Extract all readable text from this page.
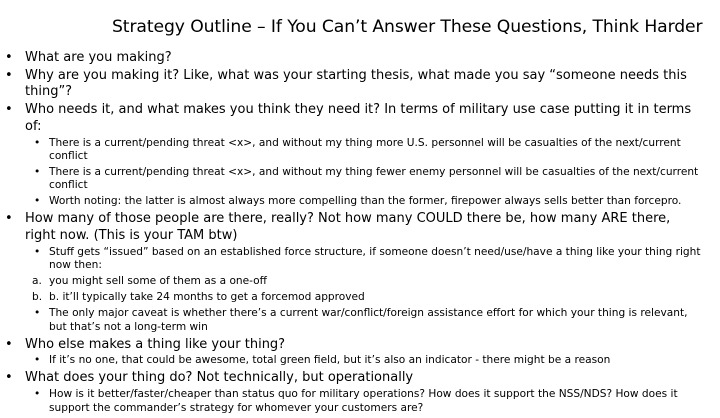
Strategy Outline – If You Can’t Answer These Questions, Think Harder
• What are you making?
• Why are you making it? Like, what was your starting thesis, what made you say “someone needs this thing”?
• Who needs it, and what makes you think they need it? In terms of military use case putting it in terms of:
• There is a current/pending threat <x>, and without my thing more U.S. personnel will be casualties of the next/current conflict
• There is a current/pending threat <x>, and without my thing fewer enemy personnel will be casualties of the next/current conflict
• Worth noting: the latter is almost always more compelling than the former, firepower always sells better than forcepro.
• How many of those people are there, really? Not how many COULD there be, how many ARE there, right now. (This is your TAM btw)
• Stuff gets “issued” based on an established force structure, if someone doesn’t need/use/have a thing like your thing right now then:
a. you might sell some of them as a one-off
b. b. it’ll typically take 24 months to get a forcemod approved
• The only major caveat is whether there’s a current war/conflict/foreign assistance effort for which your thing is relevant, but that’s not a long-term win
• Who else makes a thing like your thing?
• If it’s no one, that could be awesome, total green field, but it’s also an indicator - there might be a reason
• What does your thing do? Not technically, but operationally
• How is it better/faster/cheaper than status quo for military operations? How does it support the NSS/NDS? How does it support the commander’s strategy for whomever your customers are?
